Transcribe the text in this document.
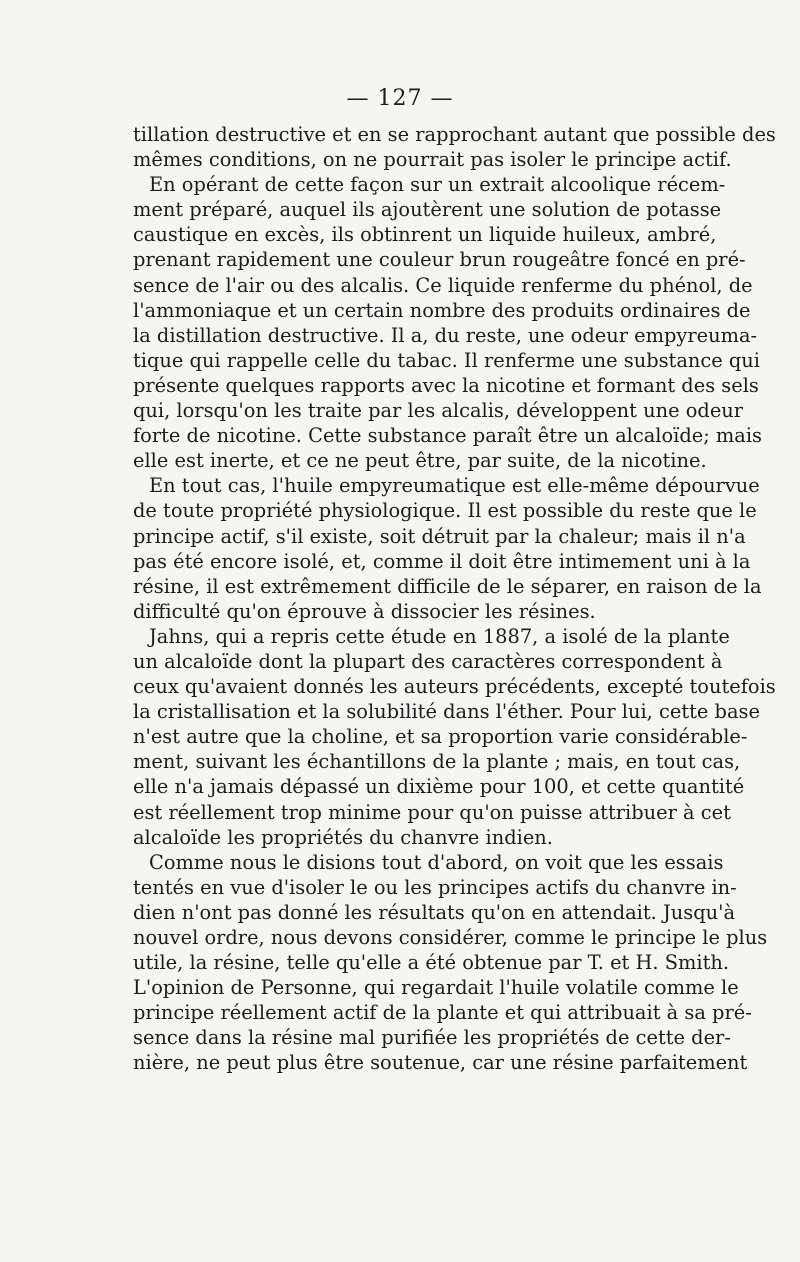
— 127 —
tillation destructive et en se rapprochant autant que possible des
mêmes conditions, on ne pourrait pas isoler le principe actif.
En opérant de cette façon sur un extrait alcoolique récem-
ment préparé, auquel ils ajoutèrent une solution de potasse
caustique en excès, ils obtinrent un liquide huileux, ambré,
prenant rapidement une couleur brun rougeâtre foncé en pré-
sence de l'air ou des alcalis. Ce liquide renferme du phénol, de
l'ammoniaque et un certain nombre des produits ordinaires de
la distillation destructive. Il a, du reste, une odeur empyreuma-
tique qui rappelle celle du tabac. Il renferme une substance qui
présente quelques rapports avec la nicotine et formant des sels
qui, lorsqu'on les traite par les alcalis, développent une odeur
forte de nicotine. Cette substance paraît être un alcaloïde; mais
elle est inerte, et ce ne peut être, par suite, de la nicotine.
En tout cas, l'huile empyreumatique est elle-même dépourvue
de toute propriété physiologique. Il est possible du reste que le
principe actif, s'il existe, soit détruit par la chaleur; mais il n'a
pas été encore isolé, et, comme il doit être intimement uni à la
résine, il est extrêmement difficile de le séparer, en raison de la
difficulté qu'on éprouve à dissocier les résines.
Jahns, qui a repris cette étude en 1887, a isolé de la plante
un alcaloïde dont la plupart des caractères correspondent à
ceux qu'avaient donnés les auteurs précédents, excepté toutefois
la cristallisation et la solubilité dans l'éther. Pour lui, cette base
n'est autre que la choline, et sa proportion varie considérable-
ment, suivant les échantillons de la plante ; mais, en tout cas,
elle n'a jamais dépassé un dixième pour 100, et cette quantité
est réellement trop minime pour qu'on puisse attribuer à cet
alcaloïde les propriétés du chanvre indien.
Comme nous le disions tout d'abord, on voit que les essais
tentés en vue d'isoler le ou les principes actifs du chanvre in-
dien n'ont pas donné les résultats qu'on en attendait. Jusqu'à
nouvel ordre, nous devons considérer, comme le principe le plus
utile, la résine, telle qu'elle a été obtenue par T. et H. Smith.
L'opinion de Personne, qui regardait l'huile volatile comme le
principe réellement actif de la plante et qui attribuait à sa pré-
sence dans la résine mal purifiée les propriétés de cette der-
nière, ne peut plus être soutenue, car une résine parfaitement
